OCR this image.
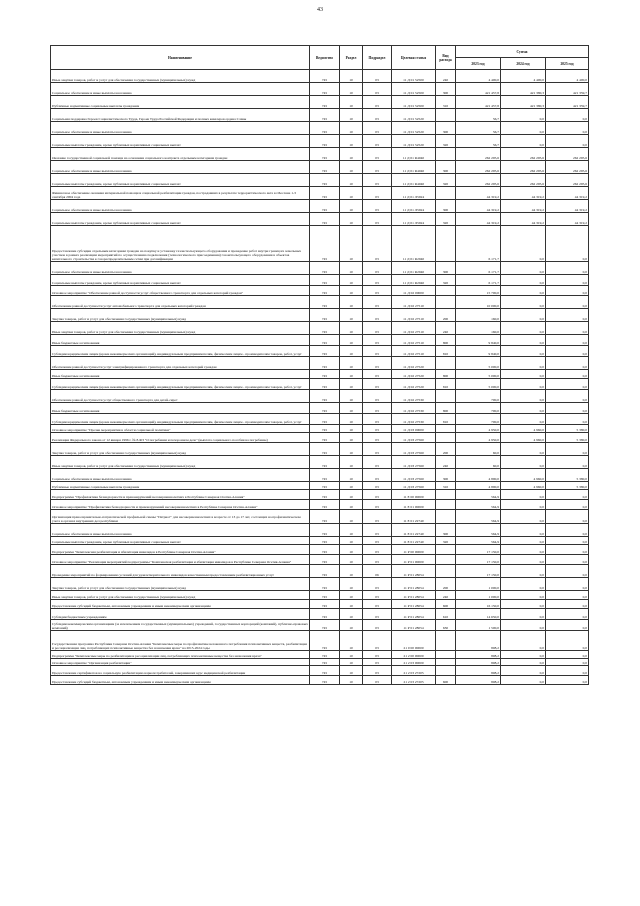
43
Наименование	Ведомство	Раздел	Подраздел	Целевая статья	Вид расхода	Сумма		
						2023 год	2024 год	2025 год
Иные закупки товаров, работ и услуг для обеспечения государственных (муниципальных) нужд	745	10	03	11 Д 01 52500	240	4 400,0	4 400,0	4 400,0
Социальное обеспечение и иные выплаты населению	745	10	03	11 Д 01 52500	300	421 457,8	421 380,3	421 359,7
Публичные нормативные социальные выплаты гражданам	745	10	03	11 Д 01 52500	310	421 457,8	421 380,3	421 359,7
Социальная поддержка Героев Социалистического Труда, Героев Труда Российской Федерации и полных кавалеров ордена Славы	745	10	03	11 Д 01 52520		56,7	0,0	0,0
Социальное обеспечение и иные выплаты населению	745	10	03	11 Д 01 52520	300	56,7	0,0	0,0
Социальные выплаты гражданам, кроме публичных нормативных социальных выплат	745	10	03	11 Д 01 52520	320	56,7	0,0	0,0
Оказание государственной социальной помощи на основании социального контракта отдельным категориям граждан	745	10	03	11 Д 01 R4040		262 295,6	262 295,6	262 295,6
Социальное обеспечение и иные выплаты населению	745	10	03	11 Д 01 R4040	300	262 295,6	262 295,6	262 295,6
Социальные выплаты гражданам, кроме публичных нормативных социальных выплат	745	10	03	11 Д 01 R4040	320	262 295,6	262 295,6	262 295,6
Финансовое обеспечение оказания материальной помощи и социальной реабилитации граждан, пострадавших в результате террористического акта в г.Беслане 1-3 сентября 2004 года	745	10	03	11 Д 01 Л5924		44 319,2	44 319,2	44 319,2
Социальное обеспечение и иные выплаты населению	745	10	03	11 Д 01 Л5924	300	44 319,2	44 319,2	44 319,2
Социальные выплаты гражданам, кроме публичных нормативных социальных выплат	745	10	03	11 Д 01 Л5924	320	44 319,2	44 319,2	44 319,2
Предоставление субсидии отдельным категориям граждан на покупку и установку газоиспользующего оборудования и проведение работ внутри границ их земельных участков в рамках реализации мероприятий по осуществлению подключения (технологического присоединения) газоиспользующего оборудования в объектов капитального строительства к газораспределительным сетям при догазификации	745	10	03	11 Д 01 R2940		6 171,7	0,0	0,0
Социальное обеспечение и иные выплаты населению	745	10	03	11 Д 01 R2940	300	6 171,7	0,0	0,0
Социальные выплаты гражданам, кроме публичных нормативных социальных выплат	745	10	03	11 Д 01 R2940	320	6 171,7	0,0	0,0
Основное мероприятие "Обеспечение равной доступности услуг общественного транспорта для отдельных категорий граждан"	745	10	03	11 Д 02 00000		15 700,0	0,0	0,0
Обеспечение равной доступности услуг автомобильного транспорта для отдельных категорий граждан	745	10	03	11 Д 02 27510		10 000,0	0,0	0,0
Закупка товаров, работ и услуг для обеспечения государственных (муниципальных) нужд	745	10	03	11 Д 02 27510	200	160,0	0,0	0,0
Иные закупки товаров, работ и услуг для обеспечения государственных (муниципальных) нужд	745	10	03	11 Д 02 27510	240	160,0	0,0	0,0
Иные бюджетные ассигнования	745	10	03	11 Д 02 27510	800	9 840,0	0,0	0,0
Субсидии юридическим лицам (кроме некоммерческих организаций), индивидуальным предпринимателям, физическим лицам - производителям товаров, работ, услуг	745	10	03	11 Д 02 27510	810	9 840,0	0,0	0,0
Обеспечение равной доступности услуг электрифицированного транспорта для отдельных категорий граждан	745	10	03	11 Д 02 27520		5 000,0	0,0	0,0
Иные бюджетные ассигнования	745	10	03	11 Д 02 27520	800	5 000,0	0,0	0,0
Субсидии юридическим лицам (кроме некоммерческих организаций), индивидуальным предпринимателям, физическим лицам - производителям товаров, работ, услуг	745	10	03	11 Д 02 27520	810	5 000,0	0,0	0,0
Обеспечение равной доступности услуг общественного транспорта для детей-сирот	745	10	03	11 Д 02 27530		700,0	0,0	0,0
Иные бюджетные ассигнования	745	10	03	11 Д 02 27530	800	700,0	0,0	0,0
Субсидии юридическим лицам (кроме некоммерческих организаций), индивидуальным предпринимателям, физическим лицам - производителям товаров, работ, услуг	745	10	03	11 Д 02 27530	810	700,0	0,0	0,0
Основное мероприятие "Прочие мероприятия в области социальной политики"	745	10	03	11 Д 03 00000		4 950,0	4 960,0	5 380,0
Реализация Федерального закона от 12 января 1996 г. № 8-ФЗ "О погребении и похоронном деле" (выплата социального пособия на погребение)	745	10	03	11 Д 03 27560		4 950,0	4 960,0	5 380,0
Закупка товаров, работ и услуг для обеспечения государственных (муниципальных) нужд	745	10	03	11 Д 03 27560	200	60,0	0,0	0,0
Иные закупки товаров, работ и услуг для обеспечения государственных (муниципальных) нужд	745	10	03	11 Д 03 27560	240	60,0	0,0	0,0
Социальное обеспечение и иные выплаты населению	745	10	03	11 Д 03 27560	300	4 890,0	4 960,0	5 380,0
Публичные нормативные социальные выплаты гражданам	745	10	03	11 Д 03 27560	310	4 890,0	4 960,0	5 380,0
Подпрограмма "Профилактика безнадзорности и правонарушений несовершеннолетних в Республике Северная Осетия-Алания"	745	10	03	11 Е 00 00000		564,9	0,0	0,0
Основное мероприятие "Профилактика безнадзорности и правонарушений несовершеннолетних в Республике Северная Осетия-Алания"	745	10	03	11 Е 01 00000		564,9	0,0	0,0
Организация правоохранительно-патриотической профильной смены "Патриот" для несовершеннолетних в возрасте от 13 до 17 лет, состоящих на профилактическом учете в органах внутренних дел республики	745	10	03	11 Е 01 22740		564,9	0,0	0,0
Социальное обеспечение и иные выплаты населению	745	10	03	11 Е 01 22740	300	564,9	0,0	0,0
Социальные выплаты гражданам, кроме публичных нормативных социальных выплат	745	10	03	11 Е 01 22740	320	564,9	0,0	0,0
Подпрограмма "Комплексная реабилитация и абилитация инвалидов в Республике Северная Осетия-Алания"	745	10	03	11 Р 00 00000		17 150,0	0,0	0,0
Основное мероприятие "Реализация мероприятий подпрограммы "Комплексная реабилитация и абилитация инвалидов в Республике Северная Осетия-Алания"	745	10	03	11 Р 01 00000		17 150,0	0,0	0,0
Проведение мероприятий по формированию условий для удовлетворительного инвалидов качественным предоставлением реабилитационных услуг	745	10	06	11 Р 01 28054		17 150,0	0,0	0,0
Закупка товаров, работ и услуг для обеспечения государственных (муниципальных) нужд	745	10	03	11 Р 01 28054	200	1 000,0	0,0	0,0
Иные закупки товаров, работ и услуг для обеспечения государственных (муниципальных) нужд	745	10	03	11 Р 01 28054	240	1 000,0	0,0	0,0
Предоставление субсидий бюджетным, автономным учреждениям и иным некоммерческим организациям	745	10	03	11 Р 01 28054	600	16 150,0	0,0	0,0
Субсидии бюджетным учреждениям	745	10	03	11 Р 01 28054	610	14 650,0	0,0	0,0
Субсидии некоммерческим организациям (за исключением государственных (муниципальных) учреждений, государственных корпораций (компаний), публично-правовых компаний)	745	10	03	11 Р 01 28054	630	1 500,0	0,0	0,0
Государственная программа Республики Северная Осетия-Алания "Комплексные меры по профилактике незаконного потребления психоактивных веществ, реабилитации и ресоциализации лиц, потребляющих психоактивные вещества без назначения врача" на 2015-2024 годы	745	10	03	21 0 00 00000		808,2	0,0	0,0
Подпрограмма "Комплексные меры по реабилитации и ресоциализации лиц, потребляющих психоактивные вещества без назначения врача"	745	10	03	21 2 00 00000		808,2	0,0	0,0
Основное мероприятие "Организация реабилитации"	745	10	03	21 2 03 00000		808,2	0,0	0,0
Предоставление сертификатов на социальную реабилитацию наркопотребителей, завершивших курс медицинской реабилитации	745	10	03	21 2 03 27205		808,2	0,0	0,0
Предоставление субсидий бюджетным, автономным учреждениям и иным некоммерческим организациям	745	10	03	21 2 03 27205	600	808,2	0,0	0,0
